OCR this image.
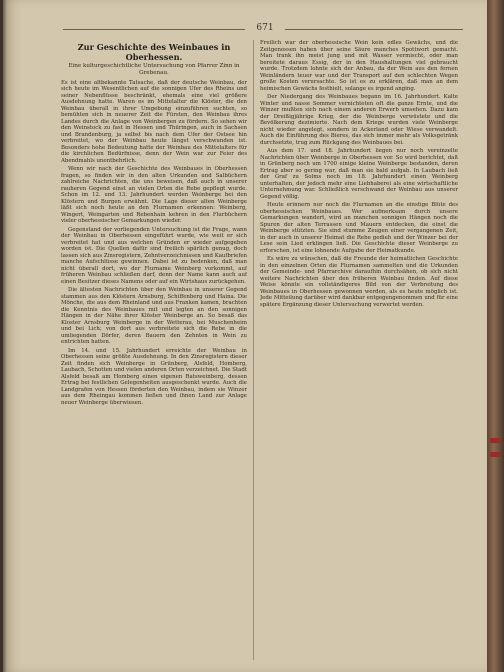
671
Zur Geschichte des Weinbaues in Oberhessen.
Eine kulturgeschichtliche Untersuchung von Pfarrer Zinn in Grebenau.

Es ist eine altbekannte Tatsache, daß der deutsche Weinbau, der sich heute im Wesentlichen auf die sonnigen Ufer des Rheins und seiner Nebenflüsse beschränkt, ehemals eine viel größere Ausdehnung hatte. Waren es im Mittelalter die Klöster, die den Weinbau überall in ihrer Umgebung einzuführen suchten, so bemühten sich in neuerer Zeit die Fürsten, den Weinbau ihres Landes durch die Anlage von Weinbergen zu fördern. So sehen wir den Weinstock zu fast in Hessen und Thüringen, auch in Sachsen und Brandenburg, ja selbst bis nach dem Ufer der Ostsee hin verbreitet, wo der Weinbau heute längst verschwunden ist. Besonders hohe Bedeutung hatte der Weinbau des Mittelalters für die kirchlichen Bedürfnisse, denn der Wein war zur Feier des Abendmahls unentbehrlich.

Wenn wir nach der Geschichte des Weinbaues in Oberhessen fragen, so finden wir in den alten Urkunden und Salbüchern zahlreiche Nachrichten, die uns beweisen, daß auch in unserer rauheren Gegend einst an vielen Orten die Rebe gepflegt wurde. Schon im 12. und 13. Jahrhundert werden Weinberge bei den Klöstern und Burgen erwähnt. Die Lage dieser alten Weinberge läßt sich noch heute an den Flurnamen erkennen: Weinberg, Wingert, Weingarten und Rebenhain kehren in den Flurbüchern vieler oberhessischer Gemarkungen wieder.

Gegenstand der vorliegenden Untersuchung ist die Frage, wann der Weinbau in Oberhessen eingeführt wurde, wie weit er sich verbreitet hat und aus welchen Gründen er wieder aufgegeben worden ist. Die Quellen dafür sind freilich spärlich genug, doch lassen sich aus Zinsregistern, Zehntverzeichnissen und Kaufbriefen manche Aufschlüsse gewinnen. Dabei ist zu bedenken, daß man nicht überall dort, wo der Flurname Weinberg vorkommt, auf früheren Weinbau schließen darf, denn der Name kann auch auf einen Besitzer dieses Namens oder auf ein Wirtshaus zurückgehen.

Die ältesten Nachrichten über den Weinbau in unserer Gegend stammen aus den Klöstern Arnsburg, Schiffenberg und Haina. Die Mönche, die aus dem Rheinland und aus Franken kamen, brachten die Kenntnis des Weinbaues mit und legten an den sonnigen Hängen in der Nähe ihrer Klöster Weinberge an. So besaß das Kloster Arnsburg Weinberge in der Wetterau, bei Muschenheim und bei Lich; von dort aus verbreitete sich die Rebe in die umliegenden Dörfer, deren Bauern den Zehnten in Wein zu entrichten hatten.

Im 14. und 15. Jahrhundert erreichte der Weinbau in Oberhessen seine größte Ausdehnung. In den Zinsregistern dieser Zeit finden sich Weinberge in Grünberg, Alsfeld, Homberg, Laubach, Schotten und vielen anderen Orten verzeichnet. Die Stadt Alsfeld besaß am Homberg einen eigenen Ratsweinberg, dessen Ertrag bei festlichen Gelegenheiten ausgeschenkt wurde. Auch die Landgrafen von Hessen förderten den Weinbau, indem sie Winzer aus dem Rheingau kommen ließen und ihnen Land zur Anlage neuer Weinberge überwiesen.

Freilich war der oberhessische Wein kein edles Gewächs, und die Zeitgenossen haben über seine Säure manches Spottwort gemacht. Man trank ihn meist jung und mit Wasser vermischt, oder man bereitete daraus Essig, der in den Haushaltungen viel gebraucht wurde. Trotzdem lohnte sich der Anbau, da der Wein aus den fernen Weinländern teuer war und der Transport auf den schlechten Wegen große Kosten verursachte. So ist es zu erklären, daß man an dem heimischen Gewächs festhielt, solange es irgend anging.

Der Niedergang des Weinbaues begann im 16. Jahrhundert. Kalte Winter und nasse Sommer vernichteten oft die ganze Ernte, und die Winzer mußten sich nach einem anderen Erwerb umsehen. Dazu kam der Dreißigjährige Krieg, der die Weinberge verwüstete und die Bevölkerung dezimierte. Nach dem Kriege wurden viele Weinberge nicht wieder angelegt, sondern in Ackerland oder Wiese verwandelt. Auch die Einführung des Bieres, das sich immer mehr als Volksgetränk durchsetzte, trug zum Rückgang des Weinbaues bei.

Aus dem 17. und 18. Jahrhundert liegen nur noch vereinzelte Nachrichten über Weinberge in Oberhessen vor. So wird berichtet, daß in Grünberg noch um 1700 einige kleine Weinberge bestanden, deren Ertrag aber so gering war, daß man sie bald aufgab. In Laubach ließ der Graf zu Solms noch im 18. Jahrhundert einen Weinberg unterhalten, der jedoch mehr eine Liebhaberei als eine wirtschaftliche Unternehmung war. Schließlich verschwand der Weinbau aus unserer Gegend völlig.

Heute erinnern nur noch die Flurnamen an die einstige Blüte des oberhessischen Weinbaues. Wer aufmerksam durch unsere Gemarkungen wandert, wird an manchen sonnigen Hängen noch die Spuren der alten Terrassen und Mauern entdecken, die einst die Weinberge stützten. Sie sind stumme Zeugen einer vergangenen Zeit, in der auch in unserer Heimat die Rebe gedieh und der Winzer bei der Lese sein Lied erklingen ließ. Die Geschichte dieser Weinberge zu erforschen, ist eine lohnende Aufgabe der Heimatkunde.

Es wäre zu wünschen, daß die Freunde der heimatlichen Geschichte in den einzelnen Orten die Flurnamen sammelten und die Urkunden der Gemeinde- und Pfarrarchive daraufhin durchsähen, ob sich nicht weitere Nachrichten über den früheren Weinbau finden. Auf diese Weise könnte ein vollständigeres Bild von der Verbreitung des Weinbaues in Oberhessen gewonnen werden, als es heute möglich ist. Jede Mitteilung darüber wird dankbar entgegengenommen und für eine spätere Ergänzung dieser Untersuchung verwertet werden.
